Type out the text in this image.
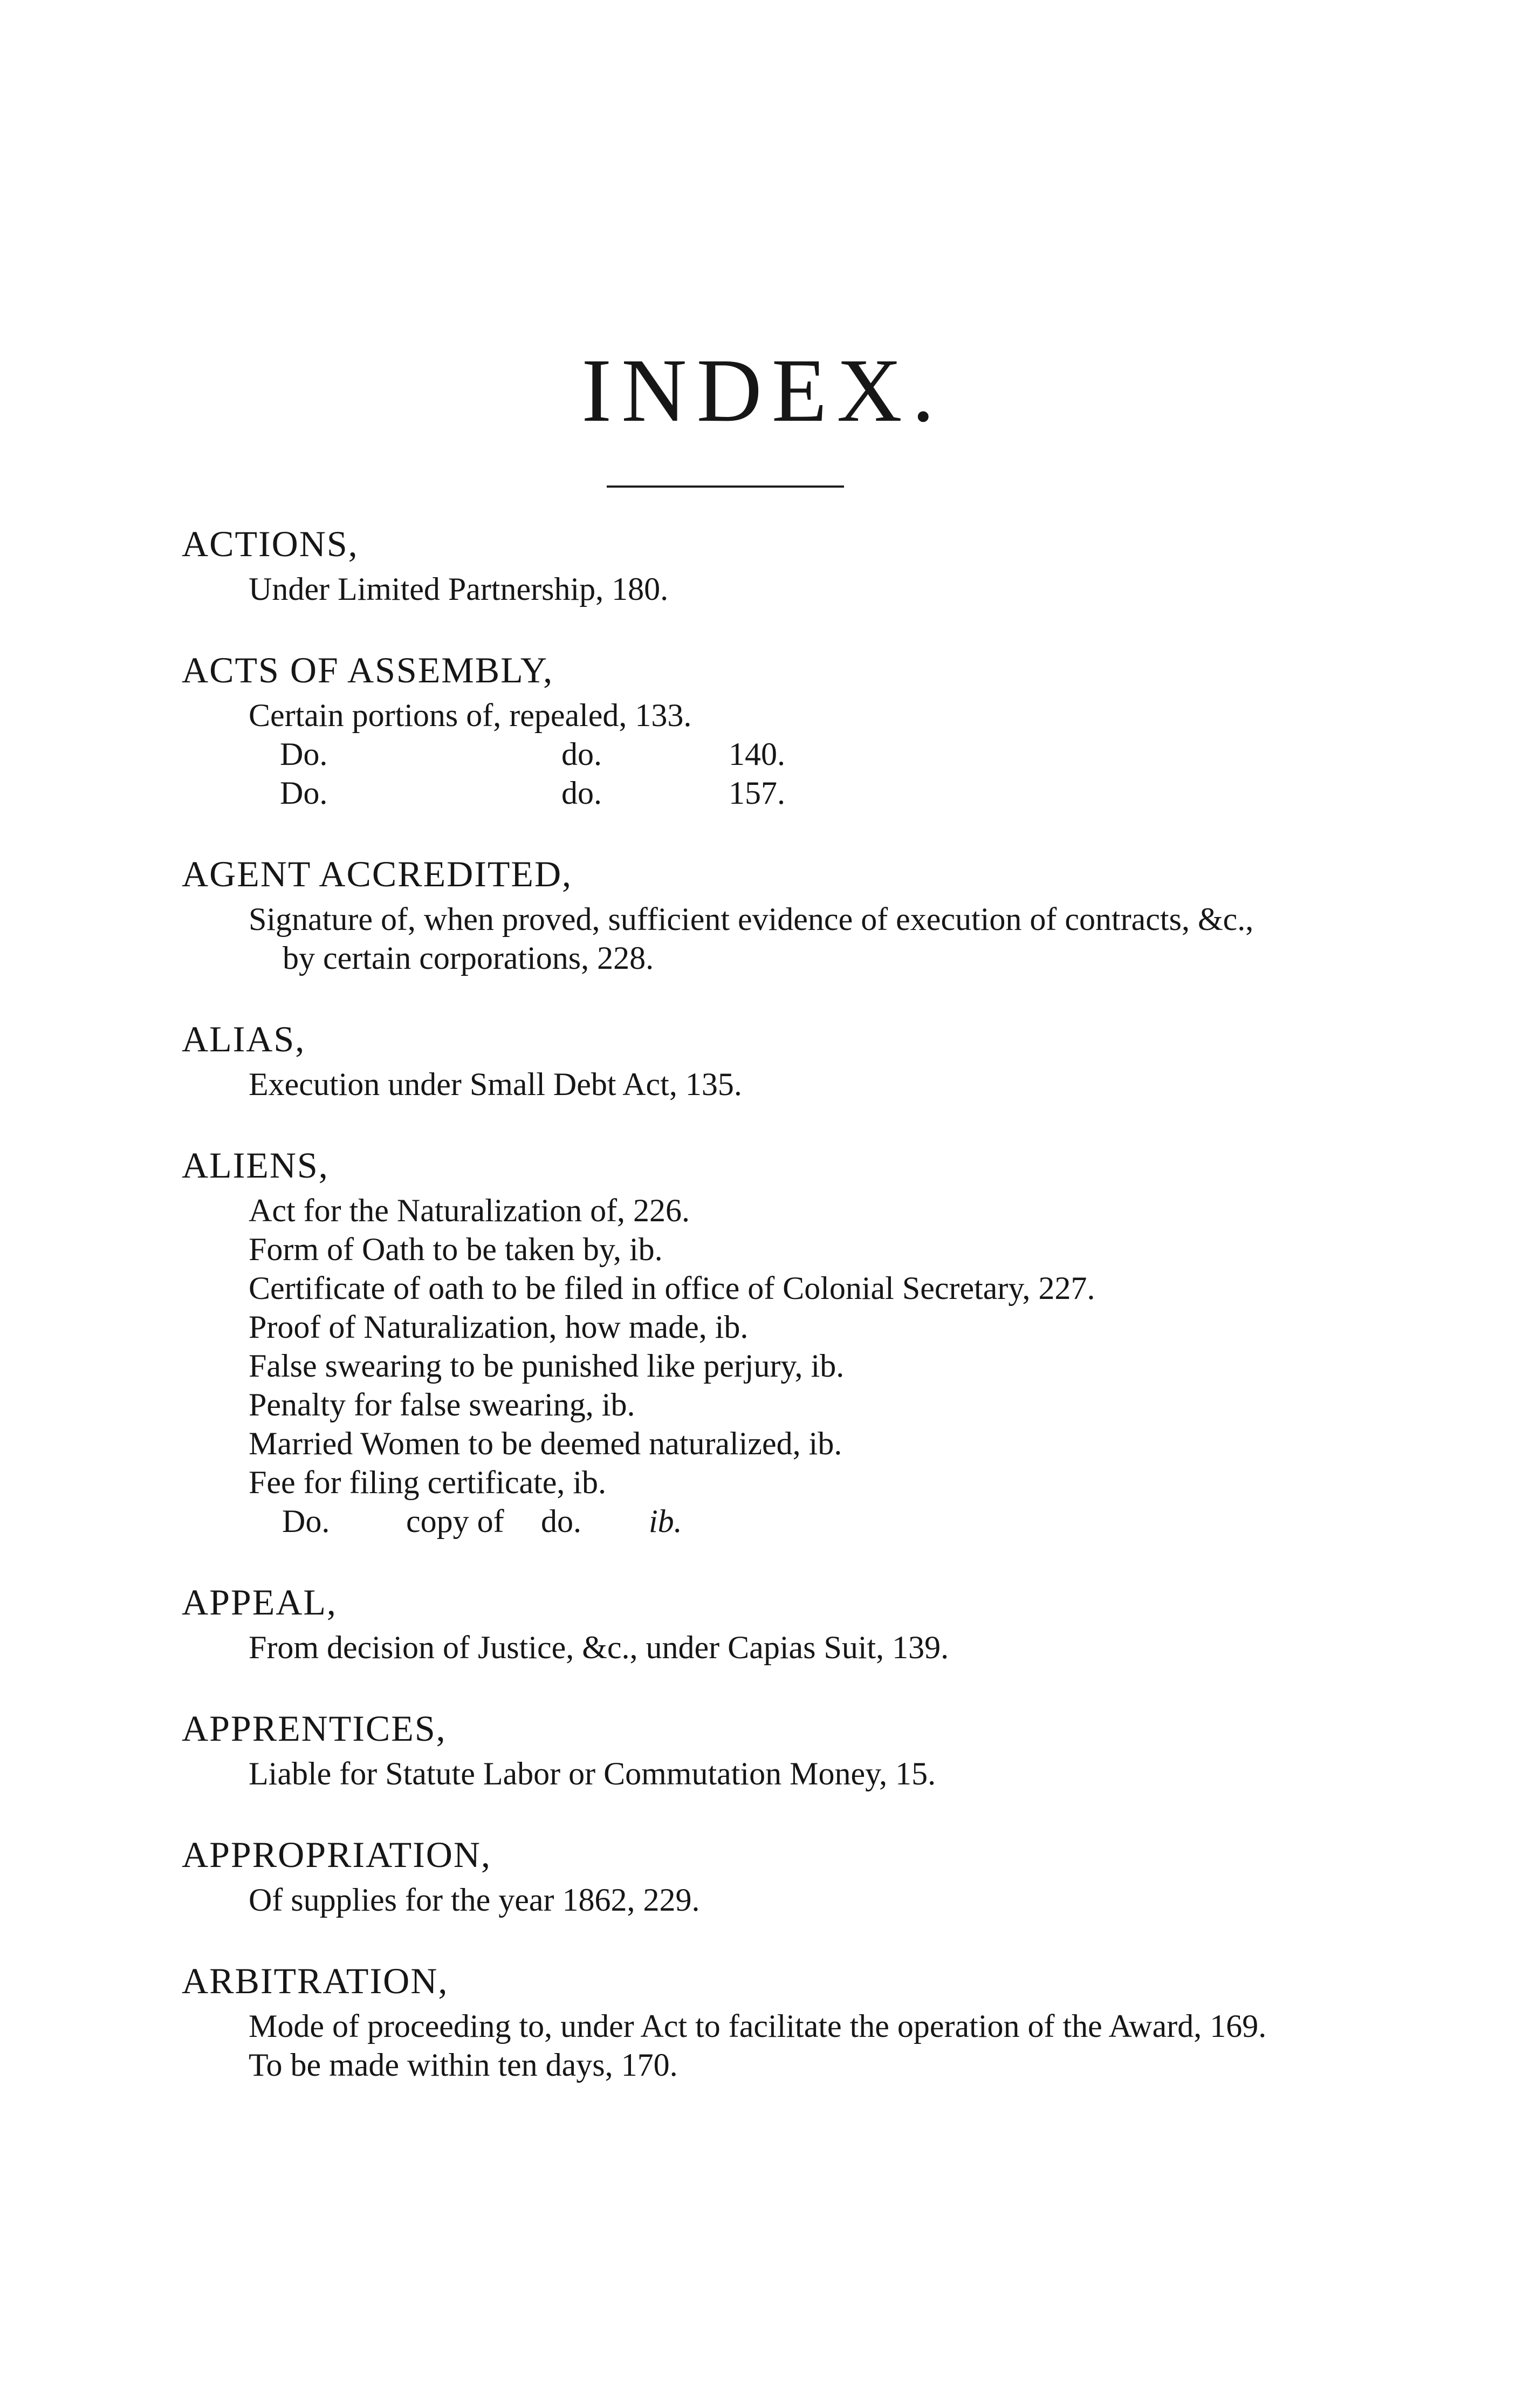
INDEX.

ACTIONS,

Under Limited Partnership, 180.

ACTS OF ASSEMBLY,

Certain portions of, repealed, 133.

Do.	do.	140.
Do.	do.	157.

AGENT ACCREDITED,

Signature of, when proved, sufficient evidence of execution of contracts, &c., by certain corporations, 228.

ALIAS,

Execution under Small Debt Act, 135.

ALIENS,

Act for the Naturalization of, 226.

Form of Oath to be taken by, ib.

Certificate of oath to be filed in office of Colonial Secretary, 227.

Proof of Naturalization, how made, ib.

False swearing to be punished like perjury, ib.

Penalty for false swearing, ib.

Married Women to be deemed naturalized, ib.

Fee for filing certificate, ib.

Do.	copy of	do.	ib.

APPEAL,

From decision of Justice, &c., under Capias Suit, 139.

APPRENTICES,

Liable for Statute Labor or Commutation Money, 15.

APPROPRIATION,

Of supplies for the year 1862, 229.

ARBITRATION,

Mode of proceeding to, under Act to facilitate the operation of the Award, 169.

To be made within ten days, 170.
